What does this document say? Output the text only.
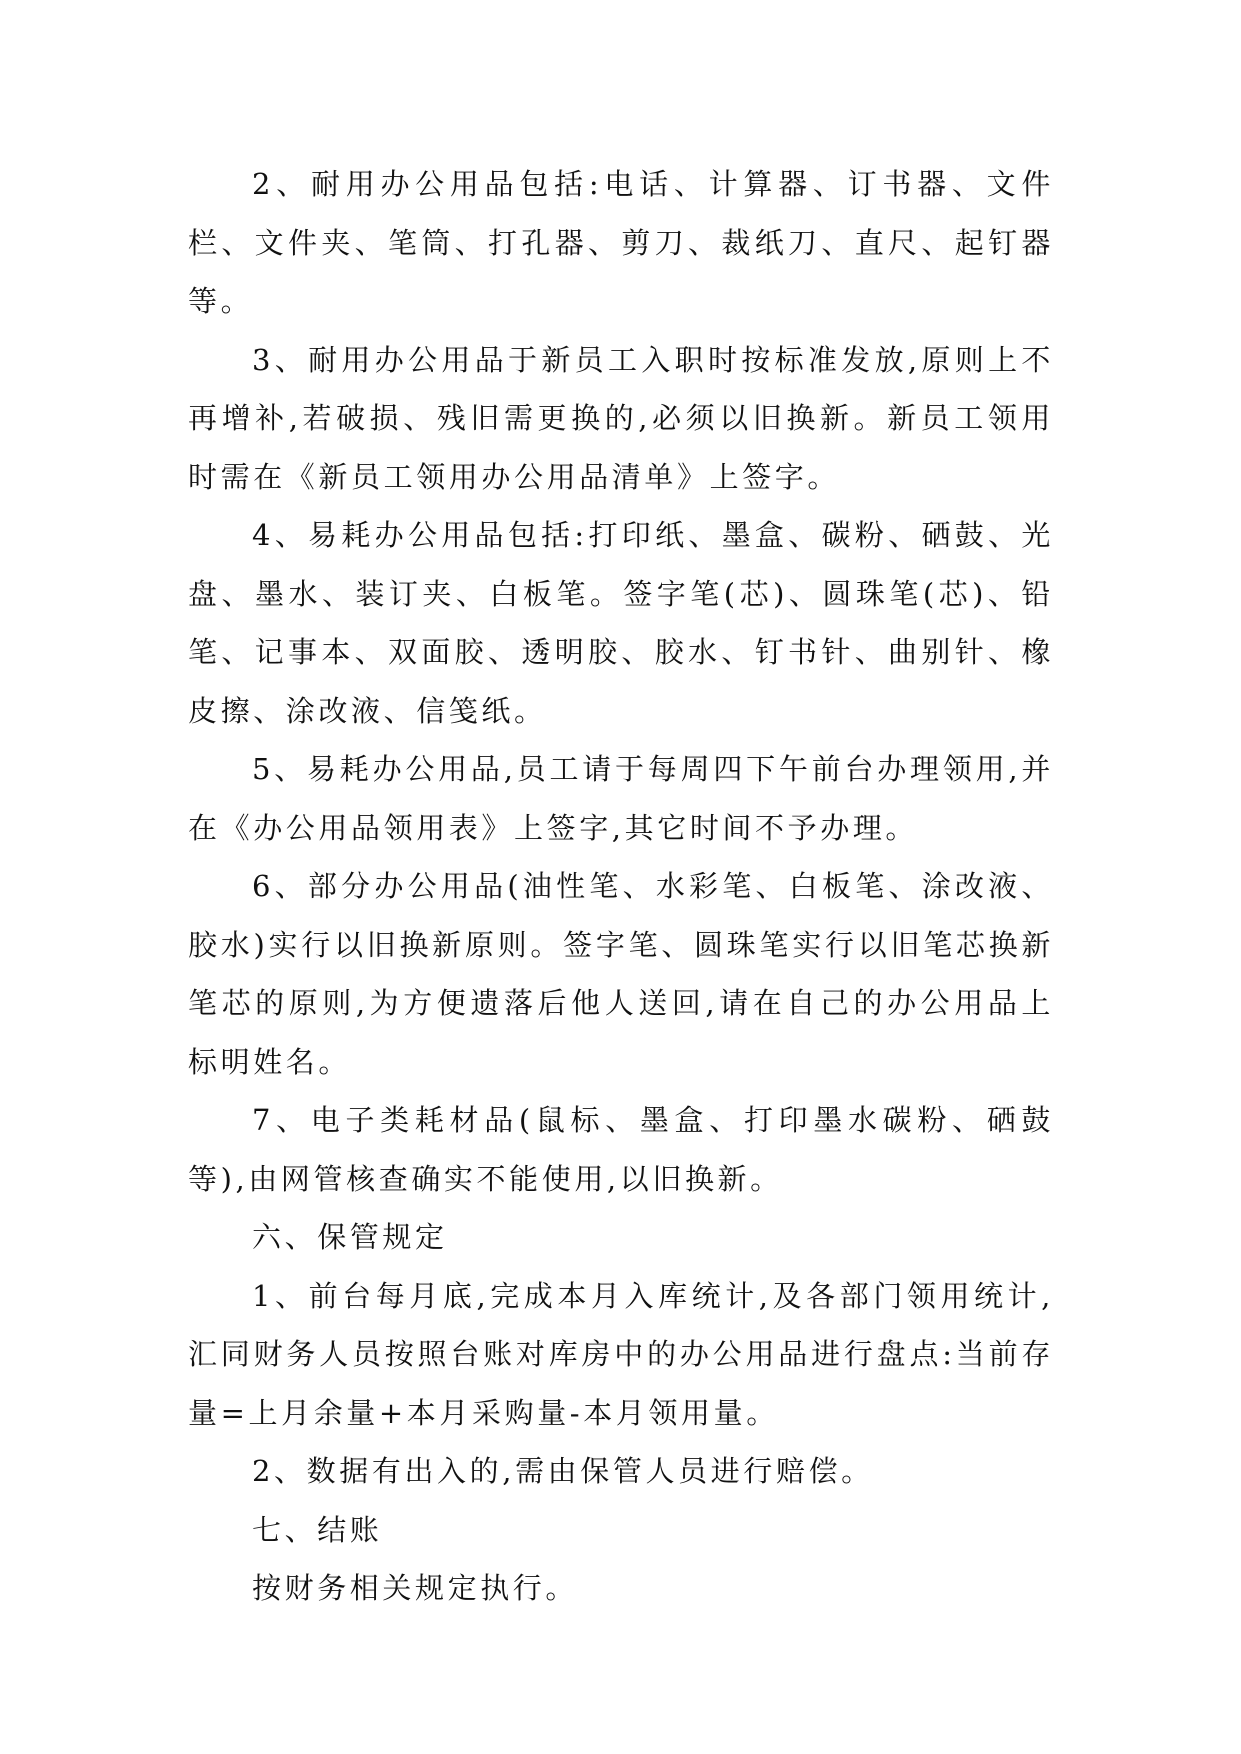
2、耐用办公用品包括:电话、计算器、订书器、文件栏、文件夹、笔筒、打孔器、剪刀、裁纸刀、直尺、起钉器等。

3、耐用办公用品于新员工入职时按标准发放,原则上不再增补,若破损、残旧需更换的,必须以旧换新。新员工领用时需在《新员工领用办公用品清单》上签字。

4、易耗办公用品包括:打印纸、墨盒、碳粉、硒鼓、光盘、墨水、装订夹、白板笔。签字笔(芯)、圆珠笔(芯)、铅笔、记事本、双面胶、透明胶、胶水、钉书针、曲别针、橡皮擦、涂改液、信笺纸。

5、易耗办公用品,员工请于每周四下午前台办理领用,并在《办公用品领用表》上签字,其它时间不予办理。

6、部分办公用品(油性笔、水彩笔、白板笔、涂改液、胶水)实行以旧换新原则。签字笔、圆珠笔实行以旧笔芯换新笔芯的原则,为方便遗落后他人送回,请在自己的办公用品上标明姓名。

7、电子类耗材品(鼠标、墨盒、打印墨水碳粉、硒鼓等),由网管核查确实不能使用,以旧换新。

六、保管规定

1、前台每月底,完成本月入库统计,及各部门领用统计,汇同财务人员按照台账对库房中的办公用品进行盘点:当前存量=上月余量+本月采购量-本月领用量。

2、数据有出入的,需由保管人员进行赔偿。

七、结账

按财务相关规定执行。
